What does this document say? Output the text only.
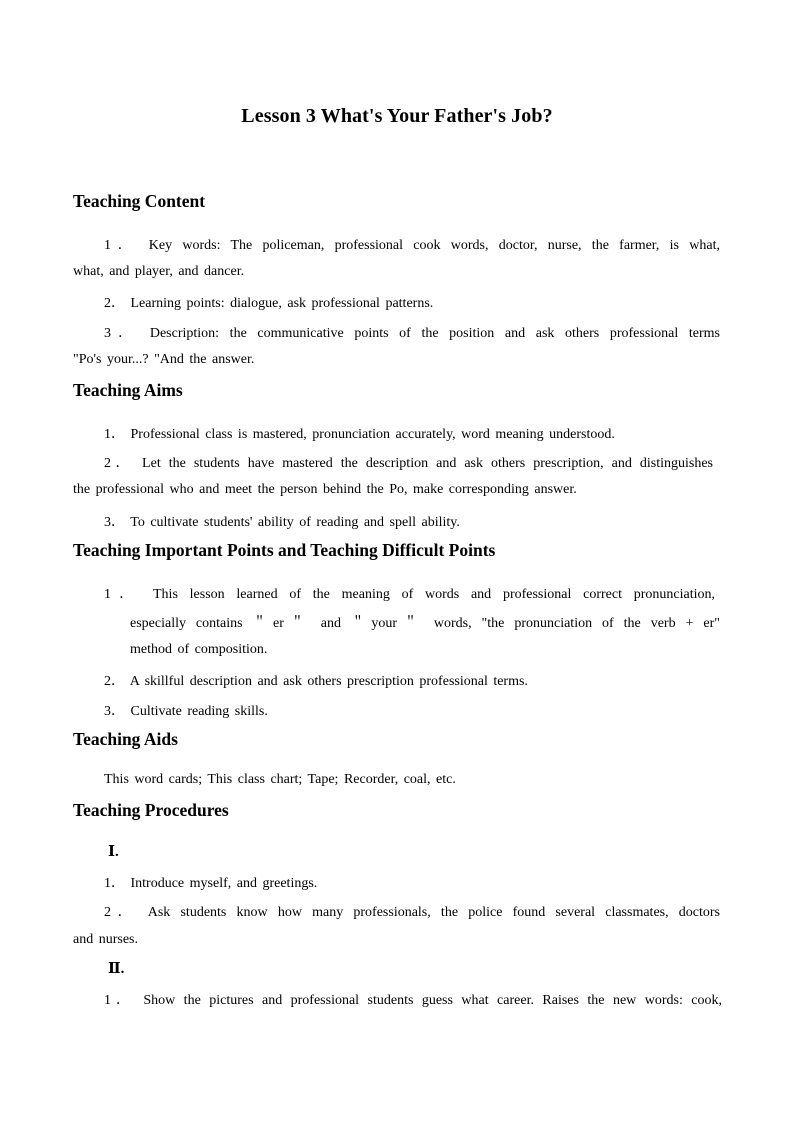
Lesson 3 What's Your Father's Job?
Teaching Content
1． Key words: The policeman, professional cook words, doctor, nurse, the farmer, is what,
what, and player, and dancer.
2． Learning points: dialogue, ask professional patterns.
3． Description: the communicative points of the position and ask others professional terms
"Po's your...? "And the answer.
Teaching Aims
1． Professional class is mastered, pronunciation accurately, word meaning understood.
2． Let the students have mastered the description and ask others prescription, and distinguishes
the professional who and meet the person behind the Po, make corresponding answer.
3． To cultivate students' ability of reading and spell ability.
Teaching Important Points and Teaching Difficult Points
1． This lesson learned of the meaning of words and professional correct pronunciation,
especially contains ＂er＂ and ＂your＂ words, "the pronunciation of the verb + er"
method of composition.
2． A skillful description and ask others prescription professional terms.
3． Cultivate reading skills.
Teaching Aids
This word cards; This class chart; Tape; Recorder, coal, etc.
Teaching Procedures
Ⅰ.
1． Introduce myself, and greetings.
2． Ask students know how many professionals, the police found several classmates, doctors
and nurses.
Ⅱ.
1． Show the pictures and professional students guess what career. Raises the new words: cook,
